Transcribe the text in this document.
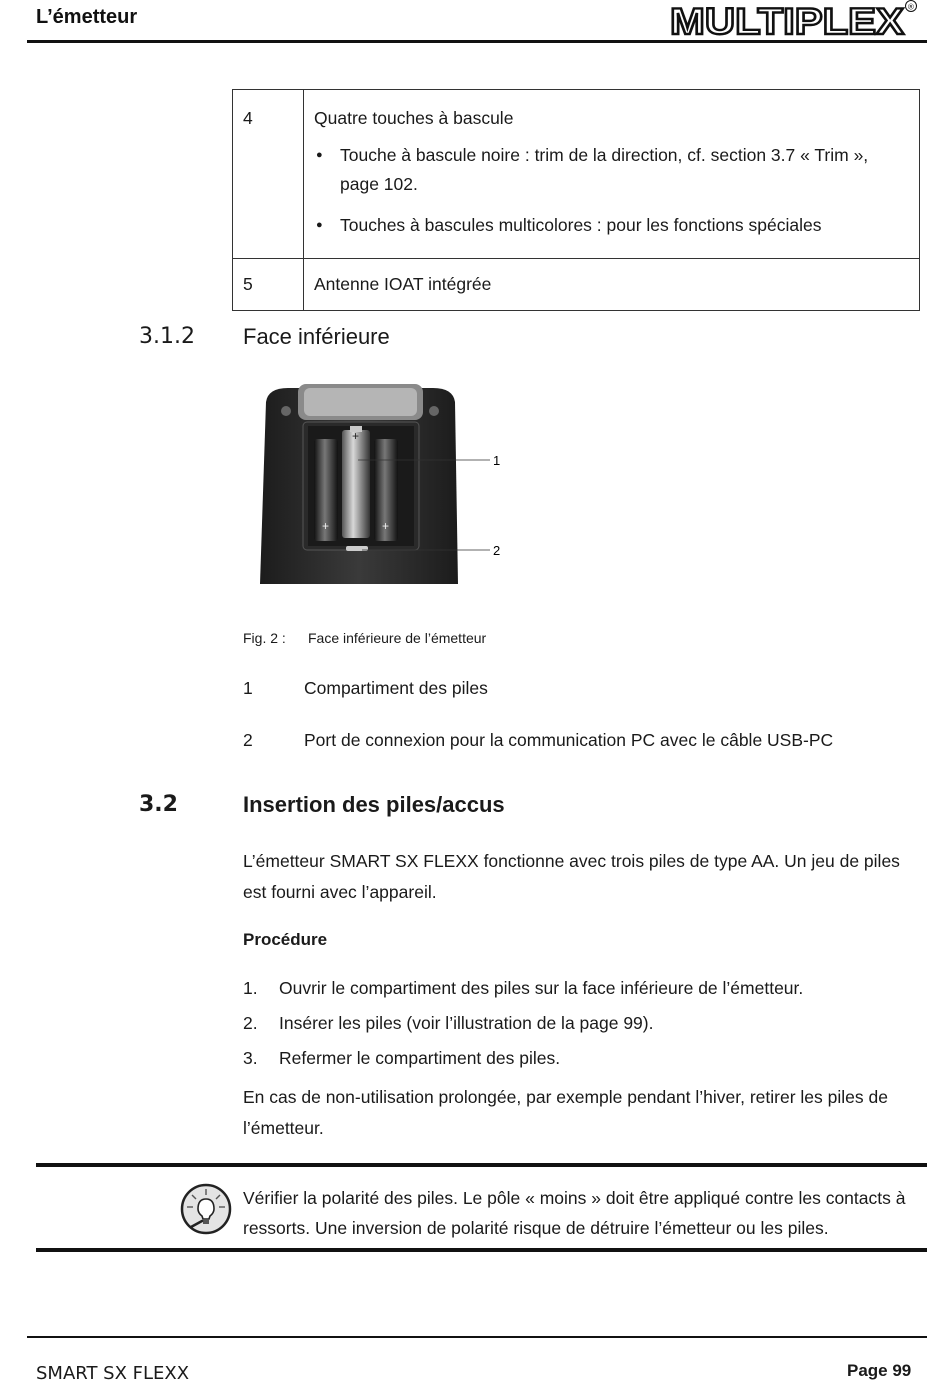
L’émetteur	MULTIPLEX ®
4	Quatre touches à bascule
● Touche à bascule noire : trim de la direction, cf. section 3.7 « Trim », page 102.
● Touches à bascules multicolores : pour les fonctions spéciales

5	Antenne IOAT intégrée
3.1.2 Face inférieure
+	+
+
1
2
Fig. 2 : Face inférieure de l’émetteur
1	Compartiment des piles
2	Port de connexion pour la communication PC avec le câble USB-PC
3.2	Insertion des piles/accus
L’émetteur SMART SX FLEXX fonctionne avec trois piles de type AA. Un jeu de piles est fourni avec l’appareil.
Procédure
1. Ouvrir le compartiment des piles sur la face inférieure de l’émetteur.
2. Insérer les piles (voir l’illustration de la page 99).
3. Refermer le compartiment des piles.
En cas de non-utilisation prolongée, par exemple pendant l’hiver, retirer les piles de l’émetteur.
Vérifier la polarité des piles. Le pôle « moins » doit être appliqué contre les contacts à ressorts. Une inversion de polarité risque de détruire l’émetteur ou les piles.
SMART SX FLEXX	Page 99
